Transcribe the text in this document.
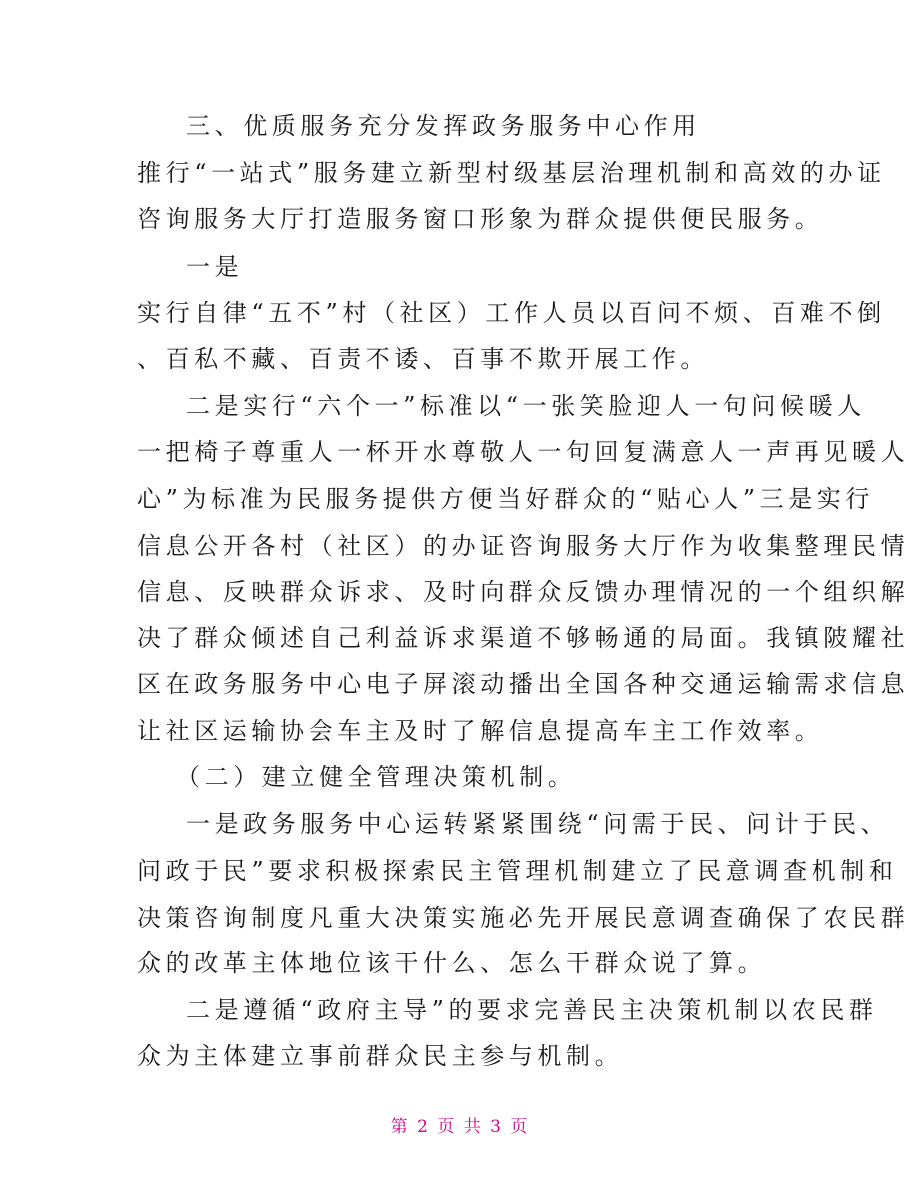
三、优质服务充分发挥政务服务中心作用
推行“一站式”服务建立新型村级基层治理机制和高效的办证
咨询服务大厅打造服务窗口形象为群众提供便民服务。
一是
实行自律“五不”村（社区）工作人员以百问不烦、百难不倒
、百私不藏、百责不诿、百事不欺开展工作。
二是实行“六个一”标准以“一张笑脸迎人一句问候暖人
一把椅子尊重人一杯开水尊敬人一句回复满意人一声再见暖人
心”为标准为民服务提供方便当好群众的“贴心人”三是实行
信息公开各村（社区）的办证咨询服务大厅作为收集整理民情
信息、反映群众诉求、及时向群众反馈办理情况的一个组织解
决了群众倾述自己利益诉求渠道不够畅通的局面。我镇陂耀社
区在政务服务中心电子屏滚动播出全国各种交通运输需求信息
让社区运输协会车主及时了解信息提高车主工作效率。
（二）建立健全管理决策机制。
一是政务服务中心运转紧紧围绕“问需于民、问计于民、
问政于民”要求积极探索民主管理机制建立了民意调查机制和
决策咨询制度凡重大决策实施必先开展民意调查确保了农民群
众的改革主体地位该干什么、怎么干群众说了算。
二是遵循“政府主导”的要求完善民主决策机制以农民群
众为主体建立事前群众民主参与机制。
第 2 页 共 3 页
